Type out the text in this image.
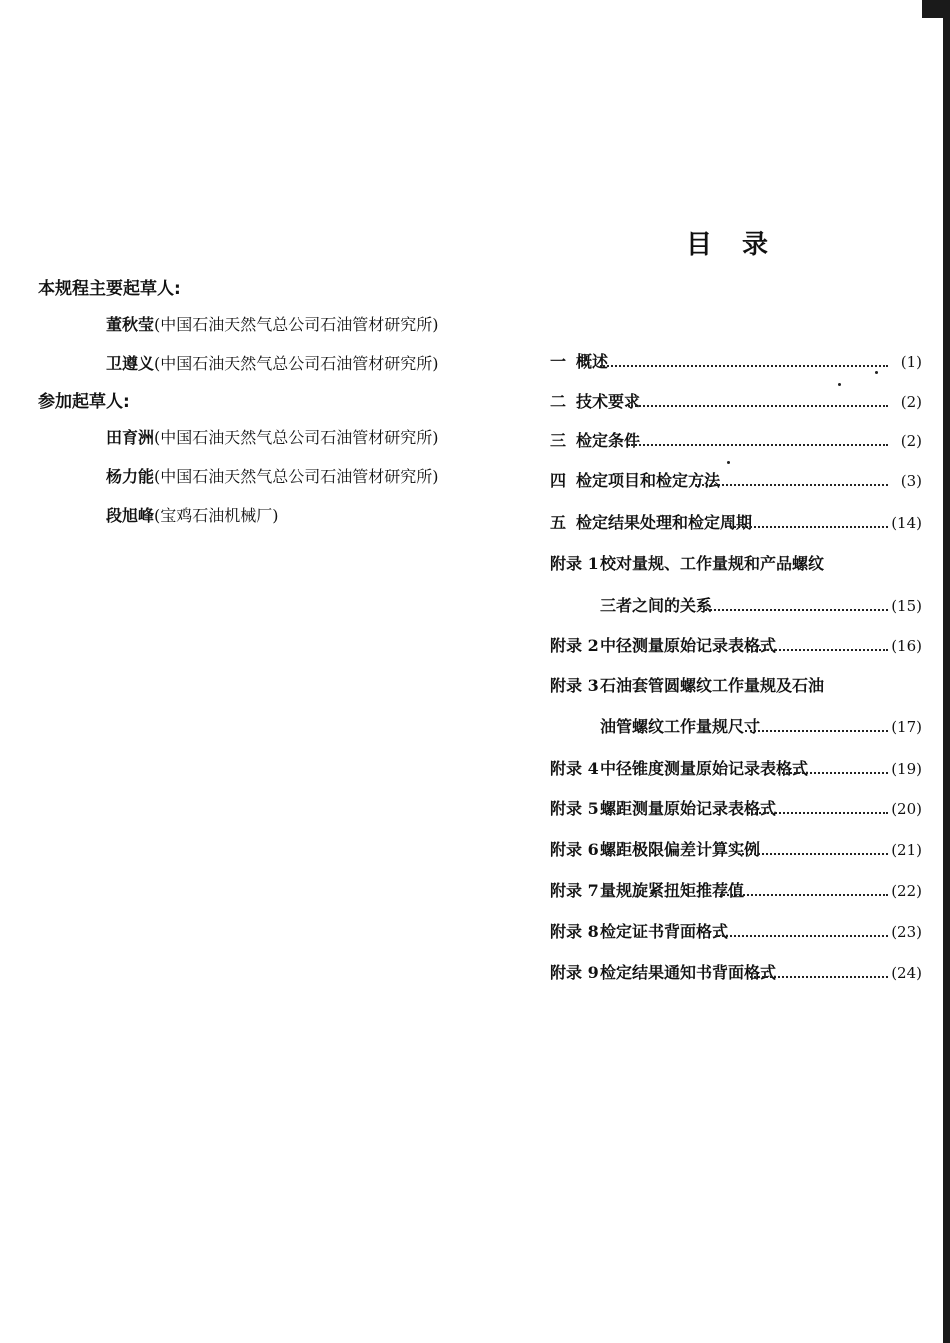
本规程主要起草人:
董秋莹(中国石油天然气总公司石油管材研究所)
卫遵义(中国石油天然气总公司石油管材研究所)
参加起草人:
田育洲(中国石油天然气总公司石油管材研究所)
杨力能(中国石油天然气总公司石油管材研究所)
段旭峰(宝鸡石油机械厂)
目录
一 概述	(1)
二 技术要求	(2)
三 检定条件	(2)
四 检定项目和检定方法	(3)
五 检定结果处理和检定周期	(14)
附录 1 校对量规、工作量规和产品螺纹
三者之间的关系	(15)
附录 2 中径测量原始记录表格式	(16)
附录 3 石油套管圆螺纹工作量规及石油
油管螺纹工作量规尺寸	(17)
附录 4 中径锥度测量原始记录表格式	(19)
附录 5 螺距测量原始记录表格式	(20)
附录 6 螺距极限偏差计算实例	(21)
附录 7 量规旋紧扭矩推荐值	(22)
附录 8 检定证书背面格式	(23)
附录 9 检定结果通知书背面格式	(24)
